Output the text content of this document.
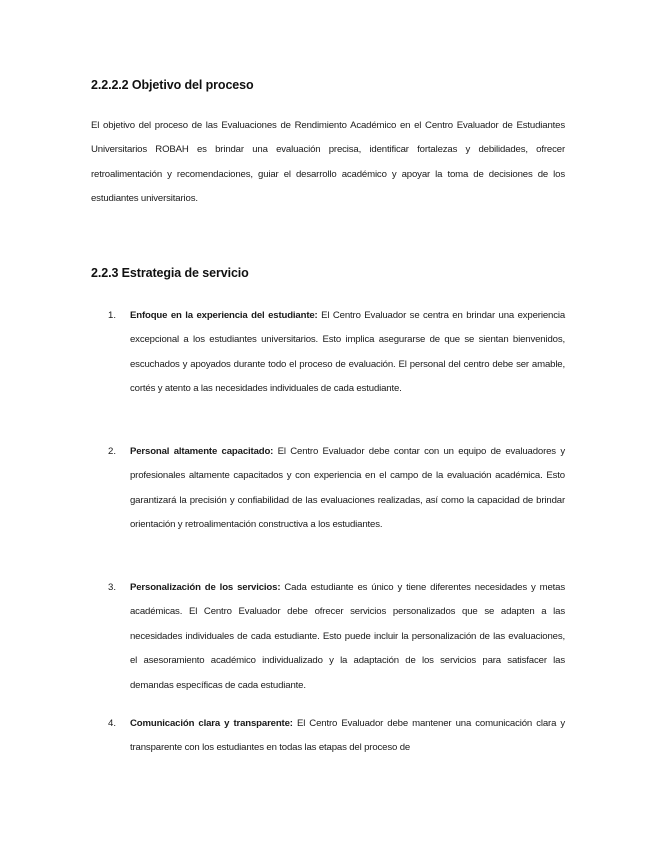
2.2.2.2 Objetivo del proceso

El objetivo del proceso de las Evaluaciones de Rendimiento Académico en el Centro Evaluador de Estudiantes Universitarios ROBAH es brindar una evaluación precisa, identificar fortalezas y debilidades, ofrecer retroalimentación y recomendaciones, guiar el desarrollo académico y apoyar la toma de decisiones de los estudiantes universitarios.

2.2.3 Estrategia de servicio
1.	Enfoque en la experiencia del estudiante: El Centro Evaluador se centra en brindar una experiencia excepcional a los estudiantes universitarios. Esto implica asegurarse de que se sientan bienvenidos, escuchados y apoyados durante todo el proceso de evaluación. El personal del centro debe ser amable, cortés y atento a las necesidades individuales de cada estudiante.

2.	Personal altamente capacitado: El Centro Evaluador debe contar con un equipo de evaluadores y profesionales altamente capacitados y con experiencia en el campo de la evaluación académica. Esto garantizará la precisión y confiabilidad de las evaluaciones realizadas, así como la capacidad de brindar orientación y retroalimentación constructiva a los estudiantes.

3.	Personalización de los servicios: Cada estudiante es único y tiene diferentes necesidades y metas académicas. El Centro Evaluador debe ofrecer servicios personalizados que se adapten a las necesidades individuales de cada estudiante. Esto puede incluir la personalización de las evaluaciones, el asesoramiento académico individualizado y la adaptación de los servicios para satisfacer las demandas específicas de cada estudiante.

4.	Comunicación clara y transparente: El Centro Evaluador debe mantener una comunicación clara y transparente con los estudiantes en todas las etapas del proceso de
